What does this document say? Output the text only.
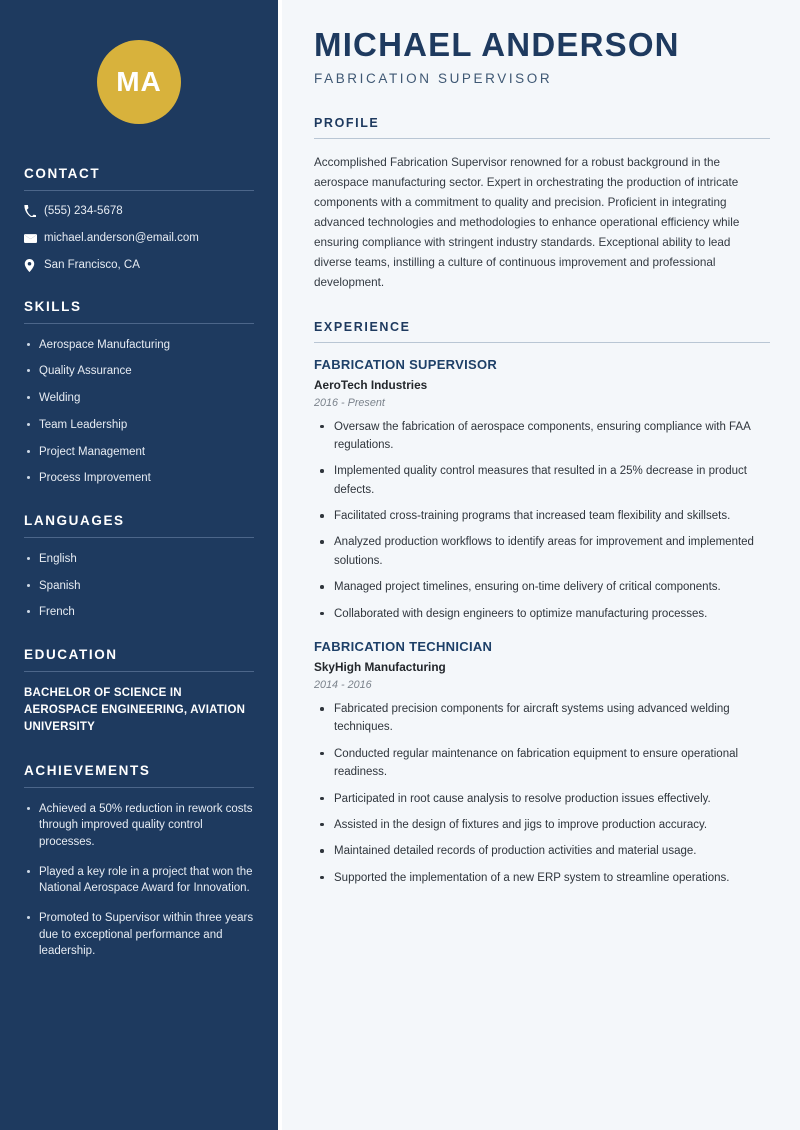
MA
CONTACT
(555) 234-5678
michael.anderson@email.com
San Francisco, CA
SKILLS
Aerospace Manufacturing
Quality Assurance
Welding
Team Leadership
Project Management
Process Improvement
LANGUAGES
English
Spanish
French
EDUCATION
BACHELOR OF SCIENCE IN AEROSPACE ENGINEERING, AVIATION UNIVERSITY
ACHIEVEMENTS
Achieved a 50% reduction in rework costs through improved quality control processes.
Played a key role in a project that won the National Aerospace Award for Innovation.
Promoted to Supervisor within three years due to exceptional performance and leadership.
MICHAEL ANDERSON
FABRICATION SUPERVISOR
PROFILE

Accomplished Fabrication Supervisor renowned for a robust background in the aerospace manufacturing sector. Expert in orchestrating the production of intricate components with a commitment to quality and precision. Proficient in integrating advanced technologies and methodologies to enhance operational efficiency while ensuring compliance with stringent industry standards. Exceptional ability to lead diverse teams, instilling a culture of continuous improvement and professional development.

EXPERIENCE
FABRICATION SUPERVISOR
AeroTech Industries
2016 - Present
Oversaw the fabrication of aerospace components, ensuring compliance with FAA regulations.
Implemented quality control measures that resulted in a 25% decrease in product defects.
Facilitated cross-training programs that increased team flexibility and skillsets.
Analyzed production workflows to identify areas for improvement and implemented solutions.
Managed project timelines, ensuring on-time delivery of critical components.
Collaborated with design engineers to optimize manufacturing processes.
FABRICATION TECHNICIAN
SkyHigh Manufacturing
2014 - 2016
Fabricated precision components for aircraft systems using advanced welding techniques.
Conducted regular maintenance on fabrication equipment to ensure operational readiness.
Participated in root cause analysis to resolve production issues effectively.
Assisted in the design of fixtures and jigs to improve production accuracy.
Maintained detailed records of production activities and material usage.
Supported the implementation of a new ERP system to streamline operations.
